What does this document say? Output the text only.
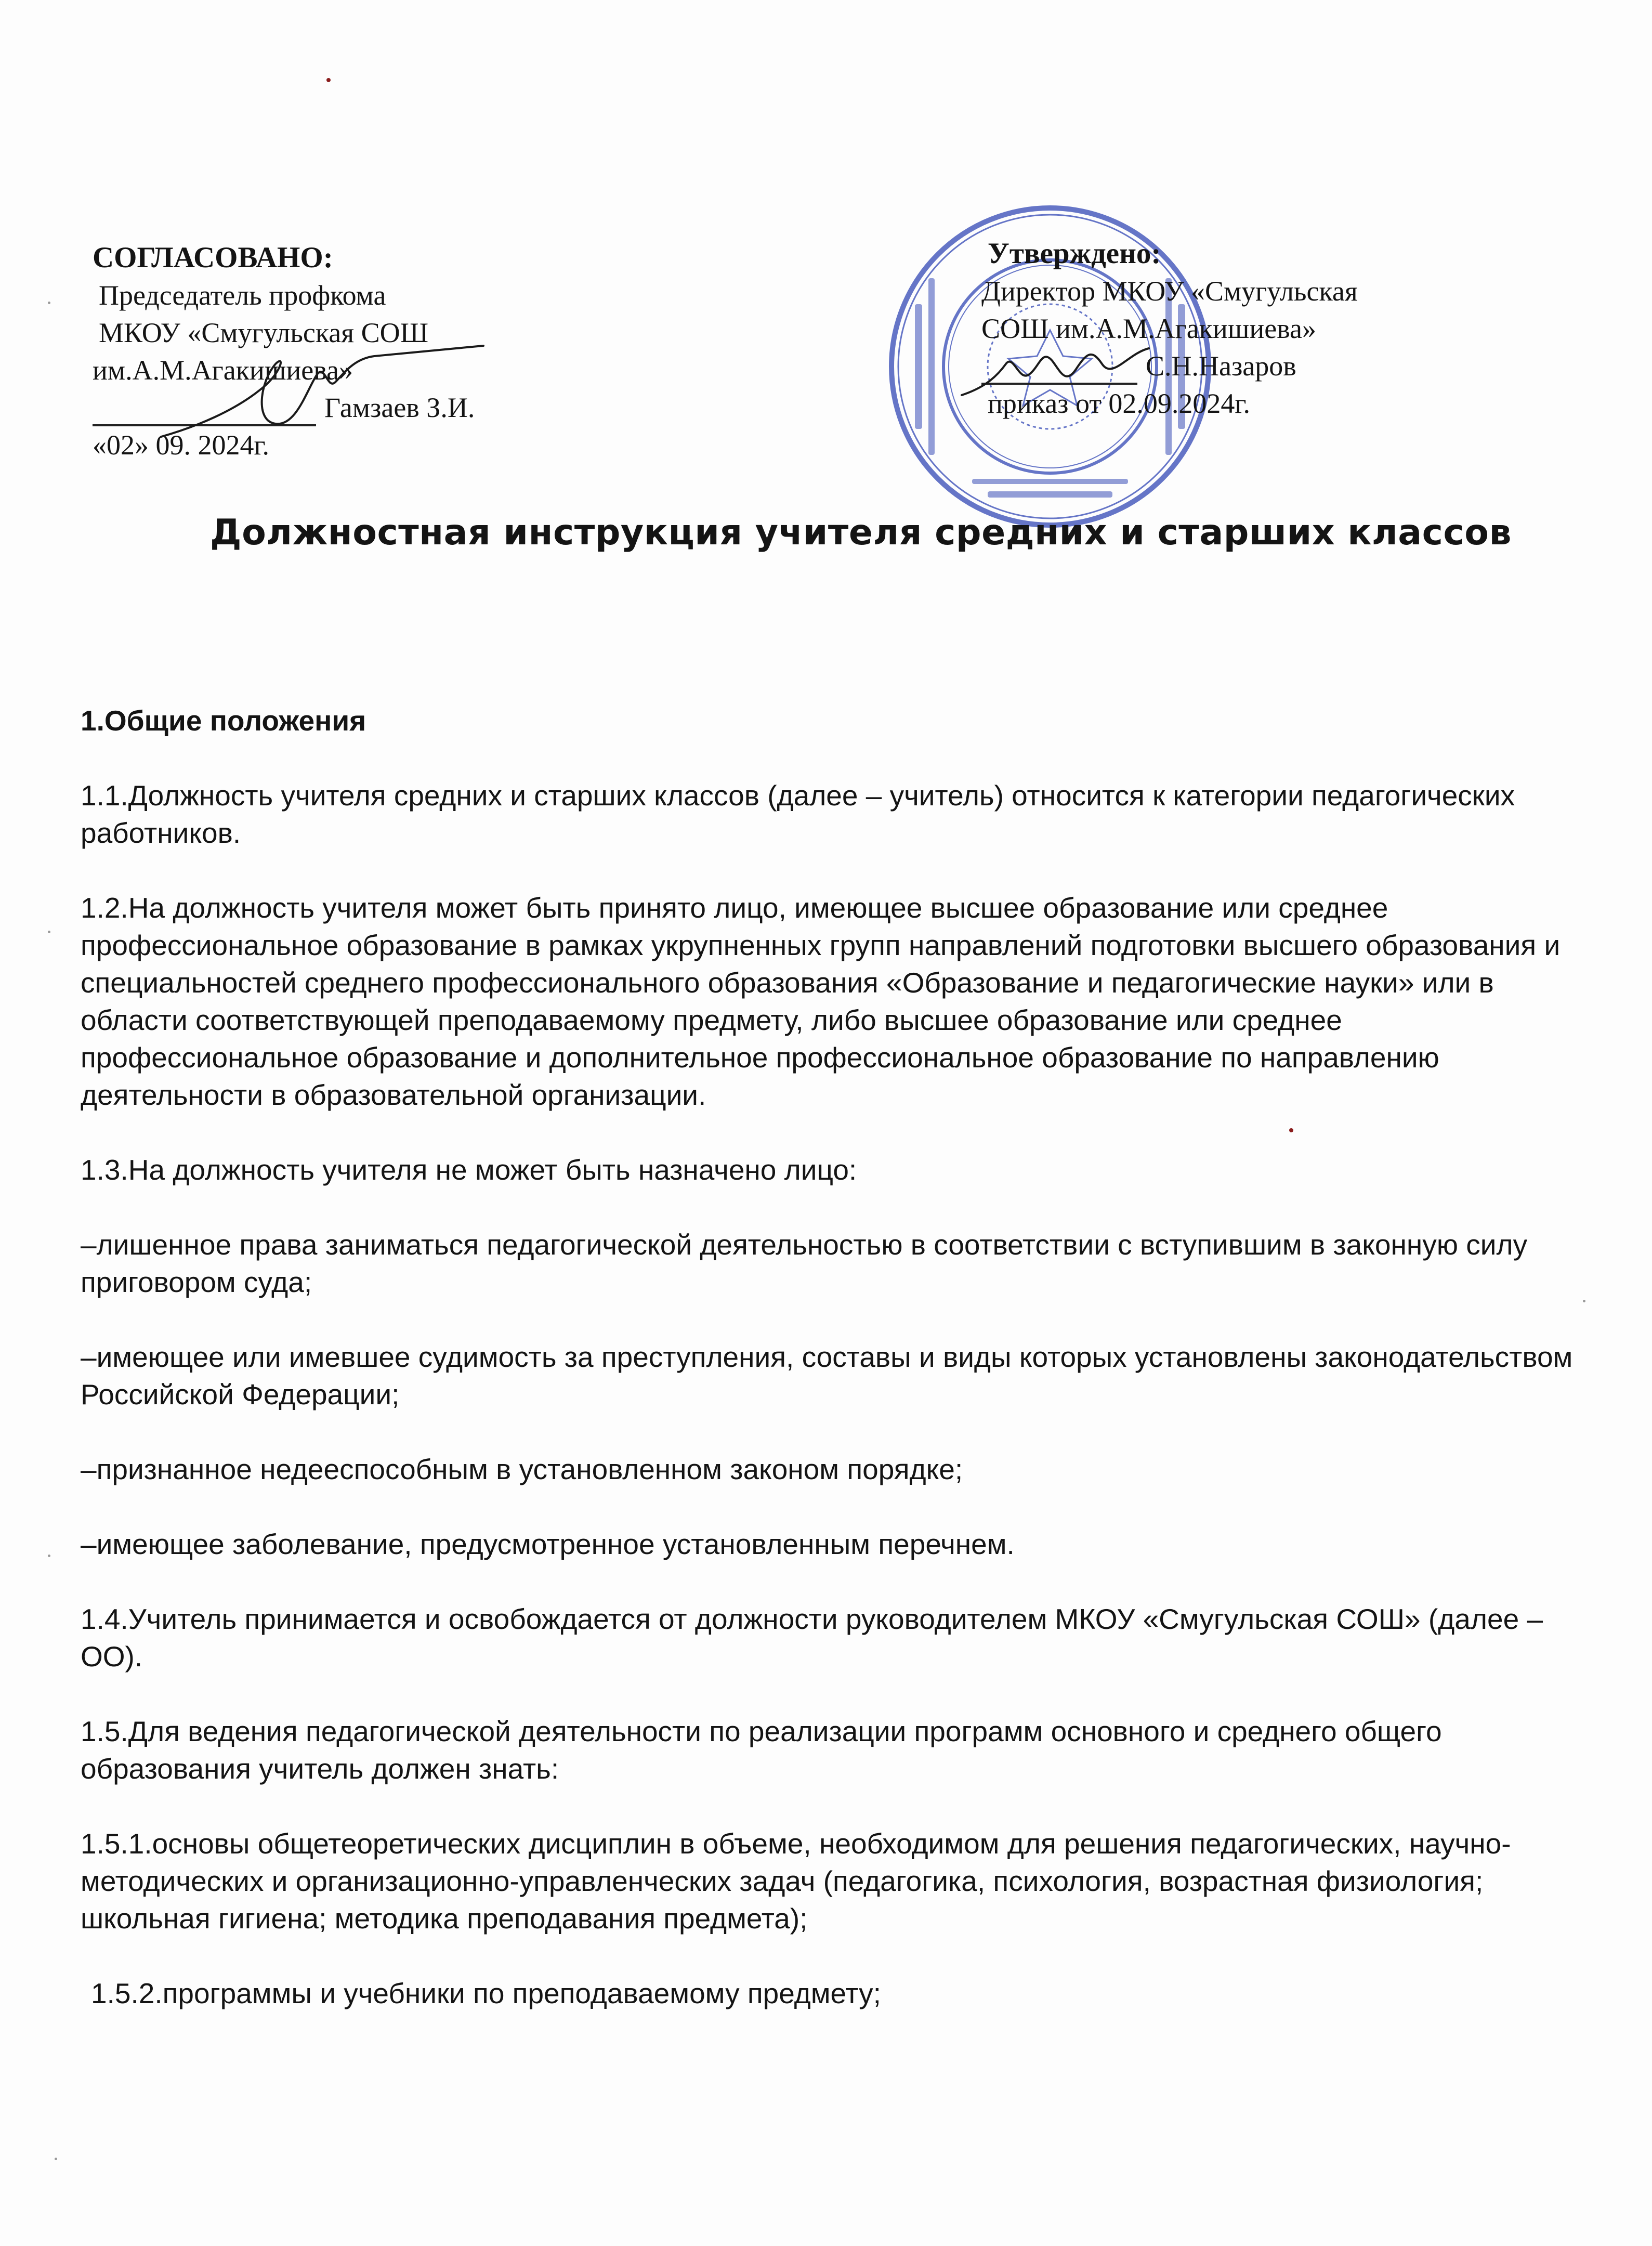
СОГЛАСОВАНО:
Председатель профкома
МКОУ «Смугульская СОШ
им.А.М.Агакишиева»
Гамзаев З.И.
«02» 09. 2024г.
Утверждено:
Директор МКОУ «Смугульская
СОШ им.А.М.Агакишиева»
С.Н.Назаров
приказ от 02.09.2024г.
Должностная инструкция учителя средних и старших классов
1.Общие положения

1.1.Должность учителя средних и старших классов (далее – учитель) относится к категории педагогических работников.

1.2.На должность учителя может быть принято лицо, имеющее высшее образование или среднее профессиональное образование в рамках укрупненных групп направлений подготовки высшего образования и специальностей среднего профессионального образования «Образование и педагогические науки» или в области соответствующей преподаваемому предмету, либо высшее образование или среднее профессиональное образование и дополнительное профессиональное образование по направлению деятельности в образовательной организации.

1.3.На должность учителя не может быть назначено лицо:

–лишенное права заниматься педагогической деятельностью в соответствии с вступившим в законную силу приговором суда;

–имеющее или имевшее судимость за преступления, составы и виды которых установлены законодательством Российской Федерации;

–признанное недееспособным в установленном законом порядке;

–имеющее заболевание, предусмотренное установленным перечнем.

1.4.Учитель принимается и освобождается от должности руководителем МКОУ «Смугульская СОШ» (далее – ОО).

1.5.Для ведения педагогической деятельности по реализации программ основного и среднего общего образования учитель должен знать:

1.5.1.основы общетеоретических дисциплин в объеме, необходимом для решения педагогических, научно-методических и организационно-управленческих задач (педагогика, психология, возрастная физиология; школьная гигиена; методика преподавания предмета);

1.5.2.программы и учебники по преподаваемому предмету;
